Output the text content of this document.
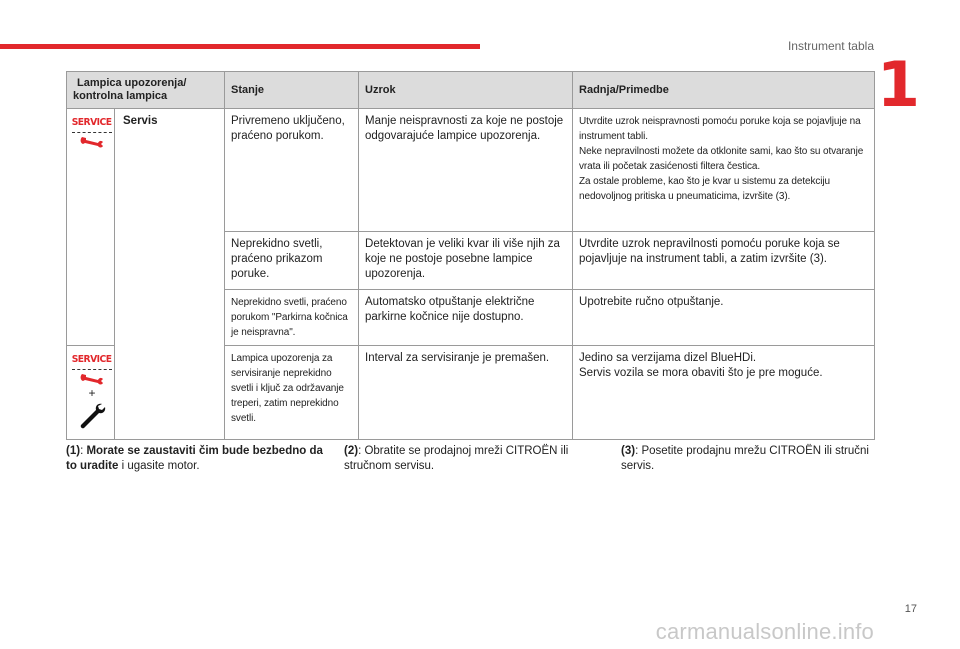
Instrument tabla
1
Lampica upozorenja/ kontrolna lampica		Stanje	Uzrok	Radnja/Primedbe

SERVICE	Servis	Privremeno uključeno, praćeno porukom.	Manje neispravnosti za koje ne postoje odgovarajuće lampice upozorenja.	Utvrdite uzrok neispravnosti pomoću poruke koja se pojavljuje na instrument tabli.
Neke nepravilnosti možete da otklonite sami, kao što su otvaranje vrata ili početak zasićenosti filtera čestica.
Za ostale probleme, kao što je kvar u sistemu za detekciju nedovoljnog pritiska u pneumaticima, izvršite (3).
		Neprekidno svetli, praćeno prikazom poruke.	Detektovan je veliki kvar ili više njih za koje ne postoje posebne lampice upozorenja.	Utvrdite uzrok nepravilnosti pomoću poruke koja se pojavljuje na instrument tabli, a zatim izvršite (3).
		Neprekidno svetli, praćeno porukom "Parkirna kočnica je neispravna".	Automatsko otpuštanje električne parkirne kočnice nije dostupno.	Upotrebite ručno otpuštanje.

SERVICE
+		Lampica upozorenja za servisiranje neprekidno svetli i ključ za održavanje treperi, zatim neprekidno svetli.	Interval za servisiranje je premašen.	Jedino sa verzijama dizel BlueHDi.
Servis vozila se mora obaviti što je pre moguće.
(1): Morate se zaustaviti čim bude bezbedno da to uradite i ugasite motor.
(2): Obratite se prodajnoj mreži CITROËN ili stručnom servisu.
(3): Posetite prodajnu mrežu CITROËN ili stručni servis.
17
carmanualsonline.info
